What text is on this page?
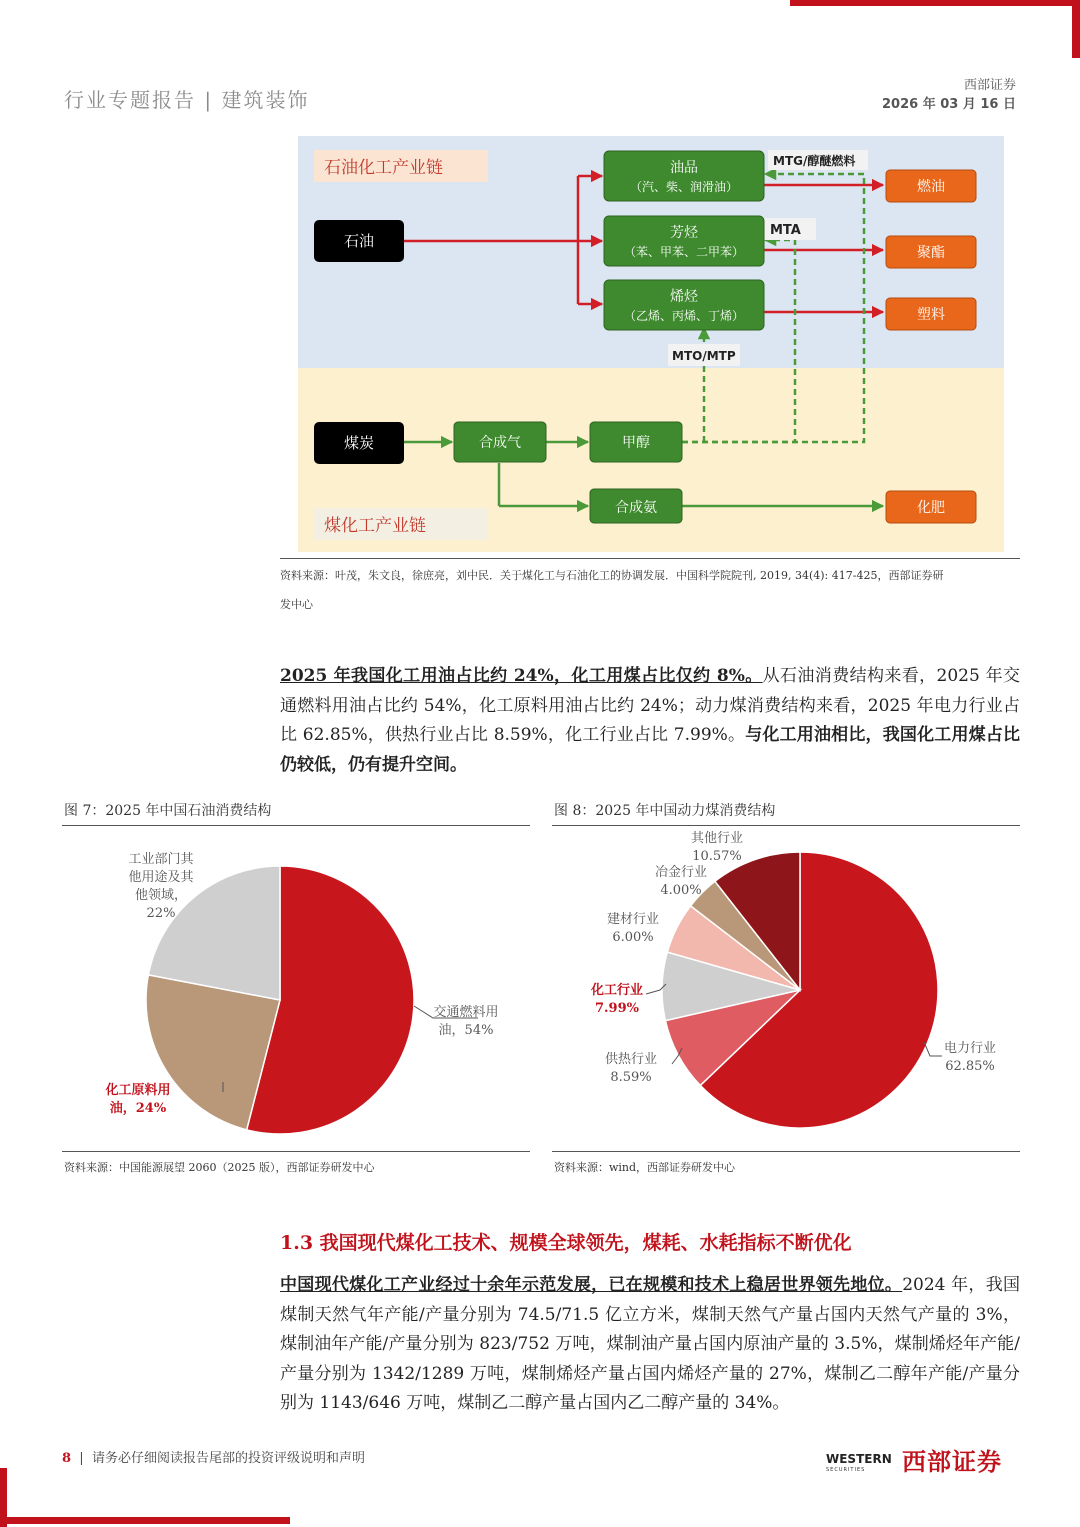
行业专题报告 | 建筑装饰
西部证券
2026 年 03 月 16 日
石油化工产业链
煤化工产业链
MTG/醇醚燃料
MTA
MTO/MTP
石油
油品
（汽、柴、润滑油）
芳烃
（苯、甲苯、二甲苯）
烯烃
（乙烯、丙烯、丁烯）
燃油
聚酯
塑料
化肥
煤炭	合成气	甲醇
合成氨
资料来源：叶茂，朱文良，徐庶亮，刘中民．关于煤化工与石油化工的协调发展．中国科学院院刊, 2019, 34(4): 417-425，西部证券研
发中心
2025 年我国化工用油占比约 24%，化工用煤占比仅约 8%。从石油消费结构来看，2025 年交通燃料用油占比约 54%，化工原料用油占比约 24%；动力煤消费结构来看，2025 年电力行业占比 62.85%，供热行业占比 8.59%，化工行业占比 7.99%。与化工用油相比，我国化工用煤占比仍较低，仍有提升空间。
图 7：2025 年中国石油消费结构	图 8：2025 年中国动力煤消费结构
交通燃料用
油，54%
化工原料用
油，24%
工业部门其
他用途及其
他领域，
22%
电力行业
62.85%
供热行业
8.59%
化工行业
7.99%
建材行业
6.00%
冶金行业
4.00%
其他行业
10.57%
资料来源：中国能源展望 2060（2025 版），西部证券研发中心	资料来源：wind，西部证券研发中心
1.3 我国现代煤化工技术、规模全球领先，煤耗、水耗指标不断优化
中国现代煤化工产业经过十余年示范发展，已在规模和技术上稳居世界领先地位。2024 年，我国煤制天然气年产能/产量分别为 74.5/71.5 亿立方米，煤制天然气产量占国内天然气产量的 3%，煤制油年产能/产量分别为 823/752 万吨，煤制油产量占国内原油产量的 3.5%，煤制烯烃年产能/产量分别为 1342/1289 万吨，煤制烯烃产量占国内烯烃产量的 27%，煤制乙二醇年产能/产量分别为 1143/646 万吨，煤制乙二醇产量占国内乙二醇产量的 34%。
8  |  请务必仔细阅读报告尾部的投资评级说明和声明	WESTERN
SECURITIES 西部证券
